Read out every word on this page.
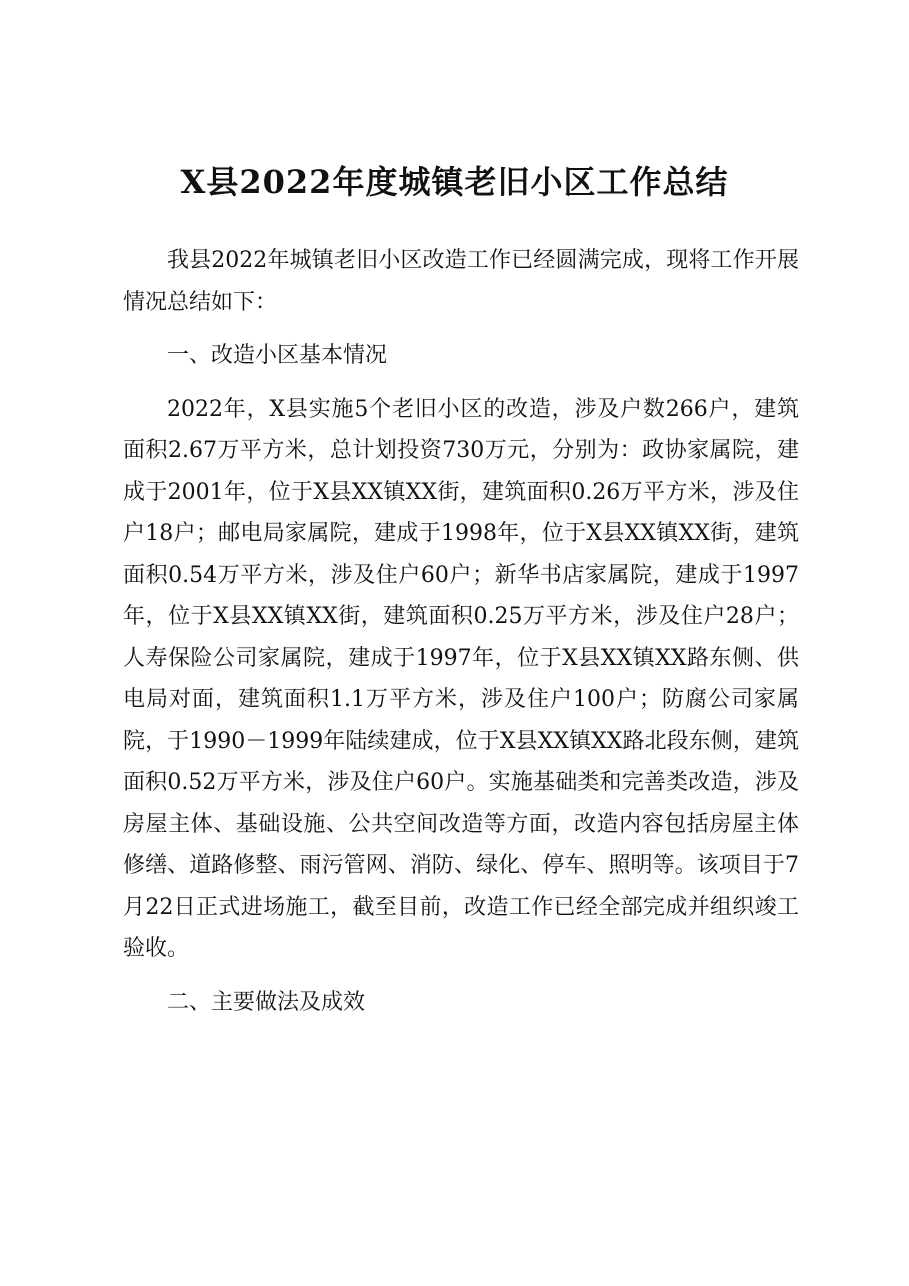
X县2022年度城镇老旧小区工作总结

我县2022年城镇老旧小区改造工作已经圆满完成，现将工作开展情况总结如下：

一、改造小区基本情况

2022年，X县实施5个老旧小区的改造，涉及户数266户，建筑面积2.67万平方米，总计划投资730万元，分别为：政协家属院，建成于2001年，位于X县XX镇XX街，建筑面积0.26万平方米，涉及住户18户；邮电局家属院，建成于1998年，位于X县XX镇XX街，建筑面积0.54万平方米，涉及住户60户；新华书店家属院，建成于1997年，位于X县XX镇XX街，建筑面积0.25万平方米，涉及住户28户；人寿保险公司家属院，建成于1997年，位于X县XX镇XX路东侧、供电局对面，建筑面积1.1万平方米，涉及住户100户；防腐公司家属院，于1990－1999年陆续建成，位于X县XX镇XX路北段东侧，建筑面积0.52万平方米，涉及住户60户。实施基础类和完善类改造，涉及房屋主体、基础设施、公共空间改造等方面，改造内容包括房屋主体修缮、道路修整、雨污管网、消防、绿化、停车、照明等。该项目于7月22日正式进场施工，截至目前，改造工作已经全部完成并组织竣工验收。

二、主要做法及成效
